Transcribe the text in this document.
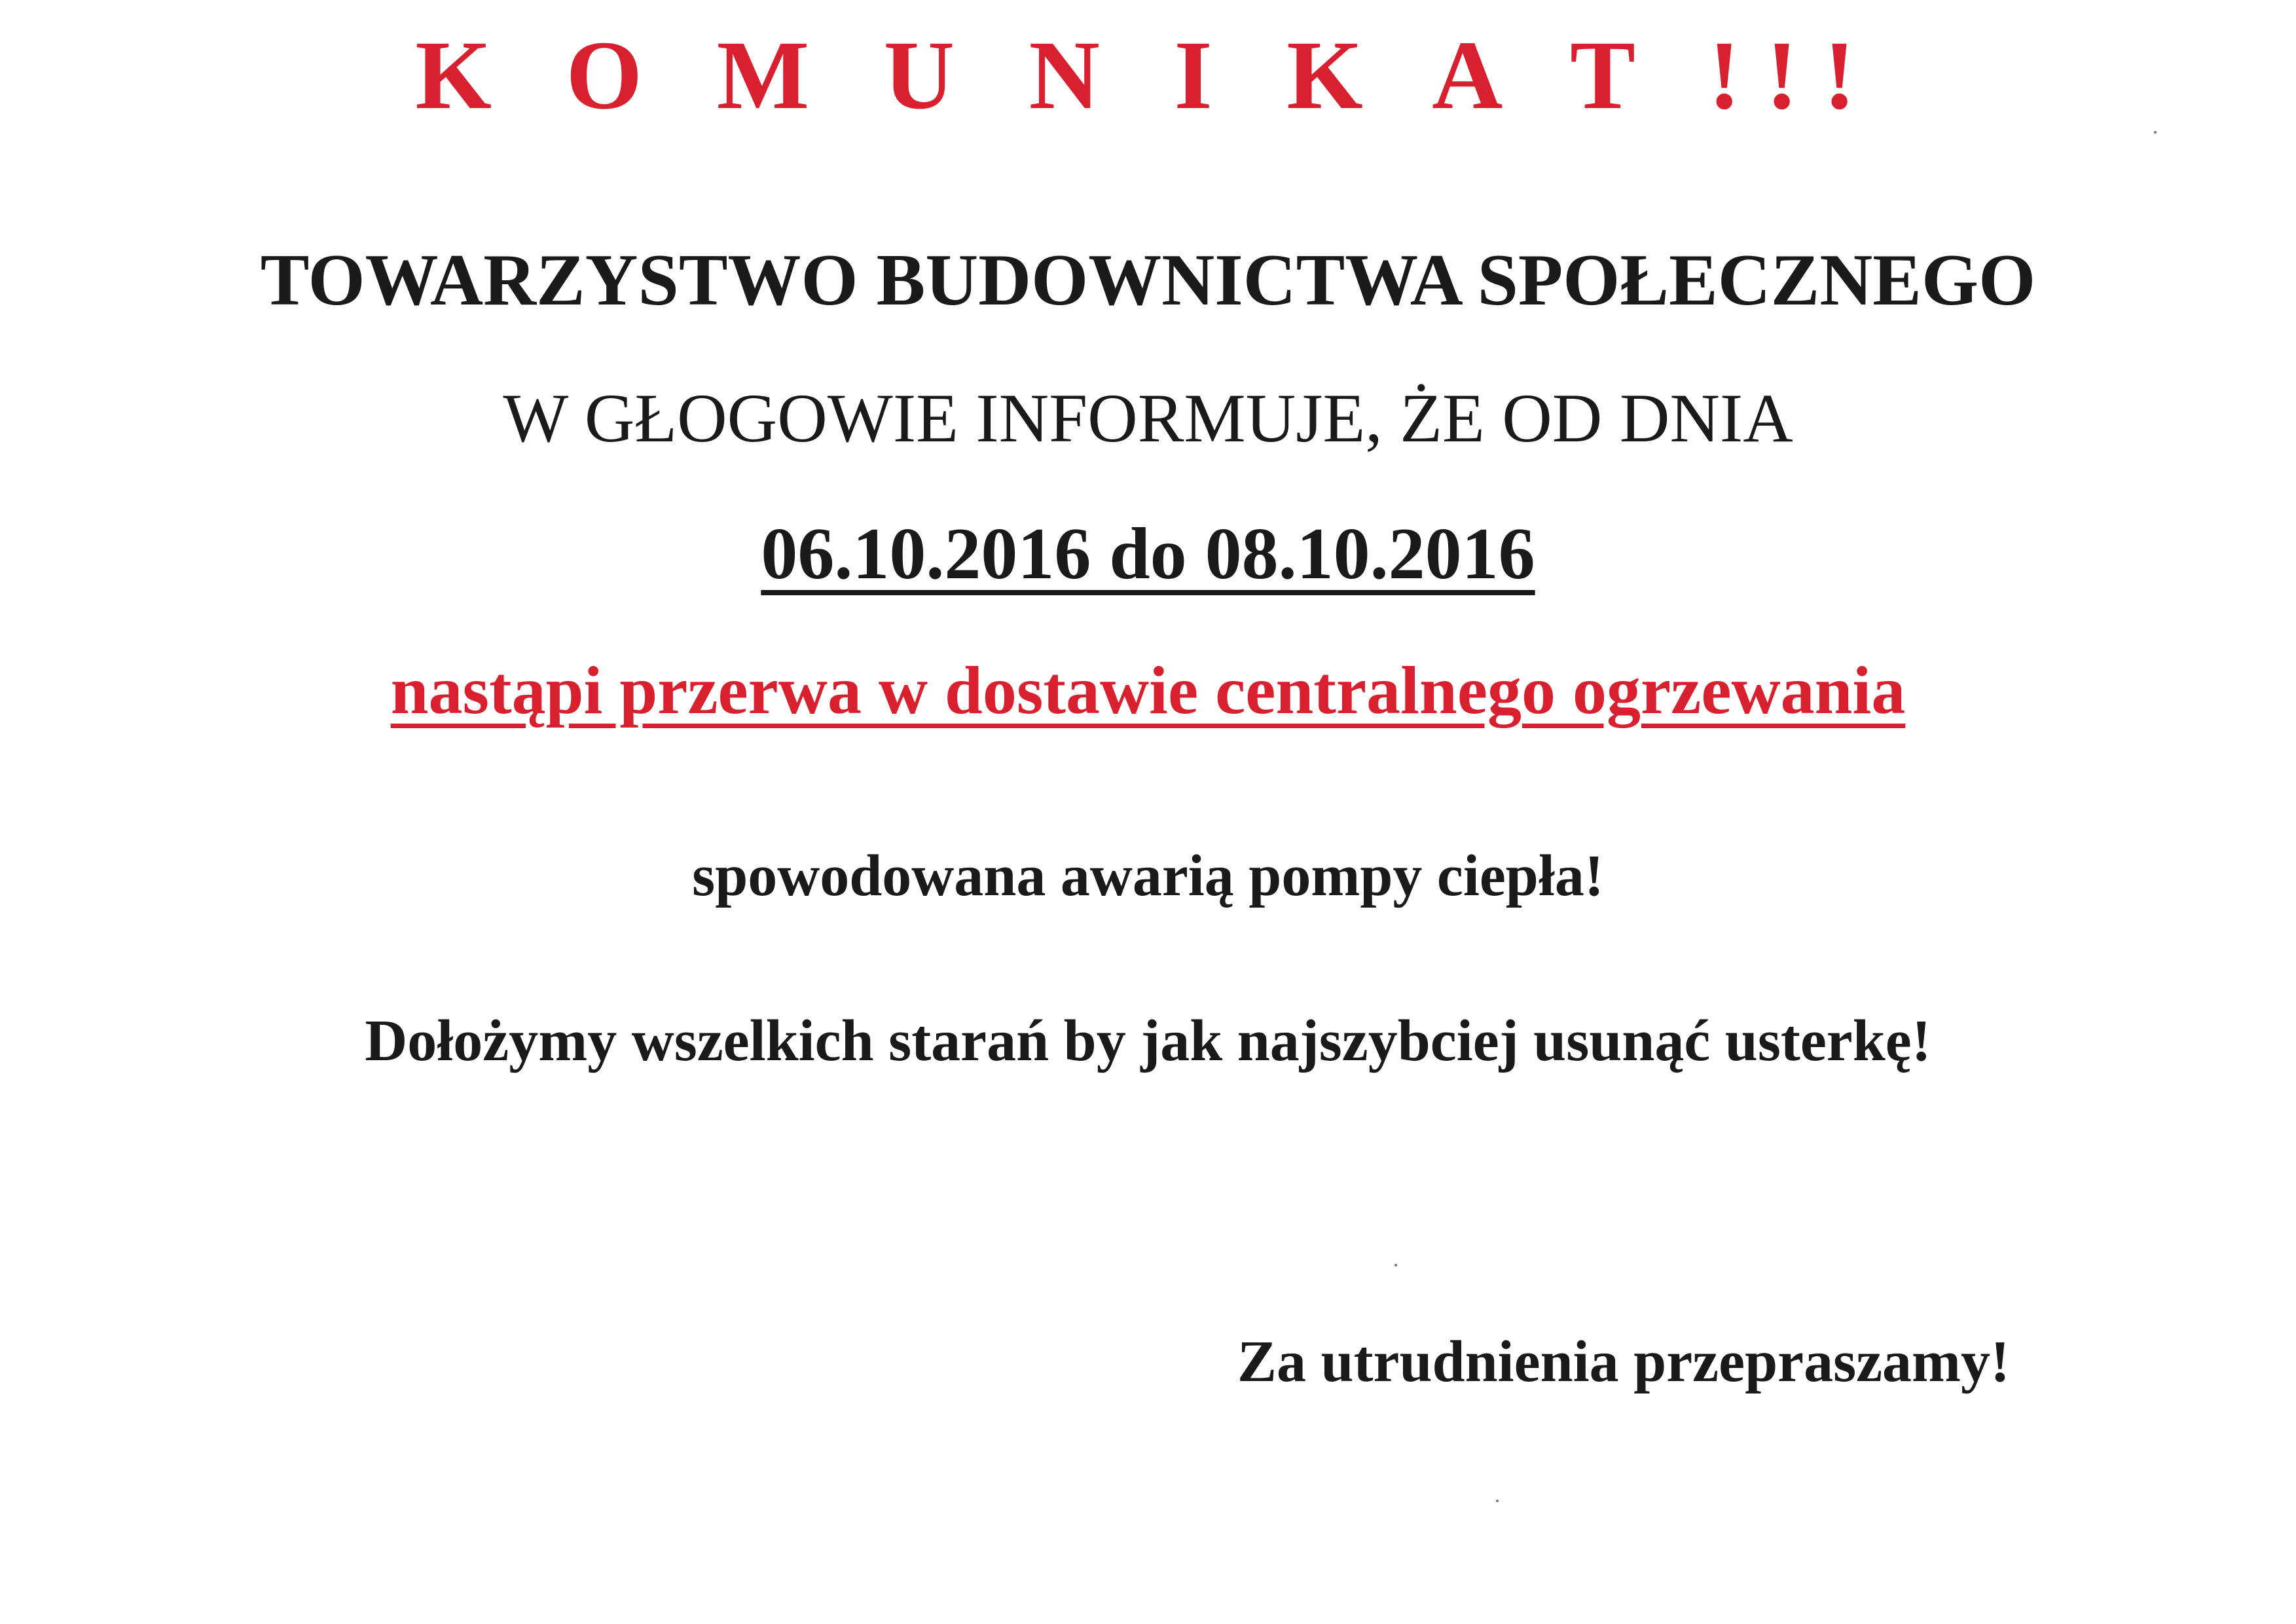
K O M U N I K A T !!!
TOWARZYSTWO BUDOWNICTWA SPOŁECZNEGO
W GŁOGOWIE INFORMUJE, ŻE OD DNIA
06.10.2016 do 08.10.2016
nastąpi przerwa w dostawie centralnego ogrzewania
spowodowana awarią pompy ciepła!
Dołożymy wszelkich starań by jak najszybciej usunąć usterkę!
Za utrudnienia przepraszamy!
